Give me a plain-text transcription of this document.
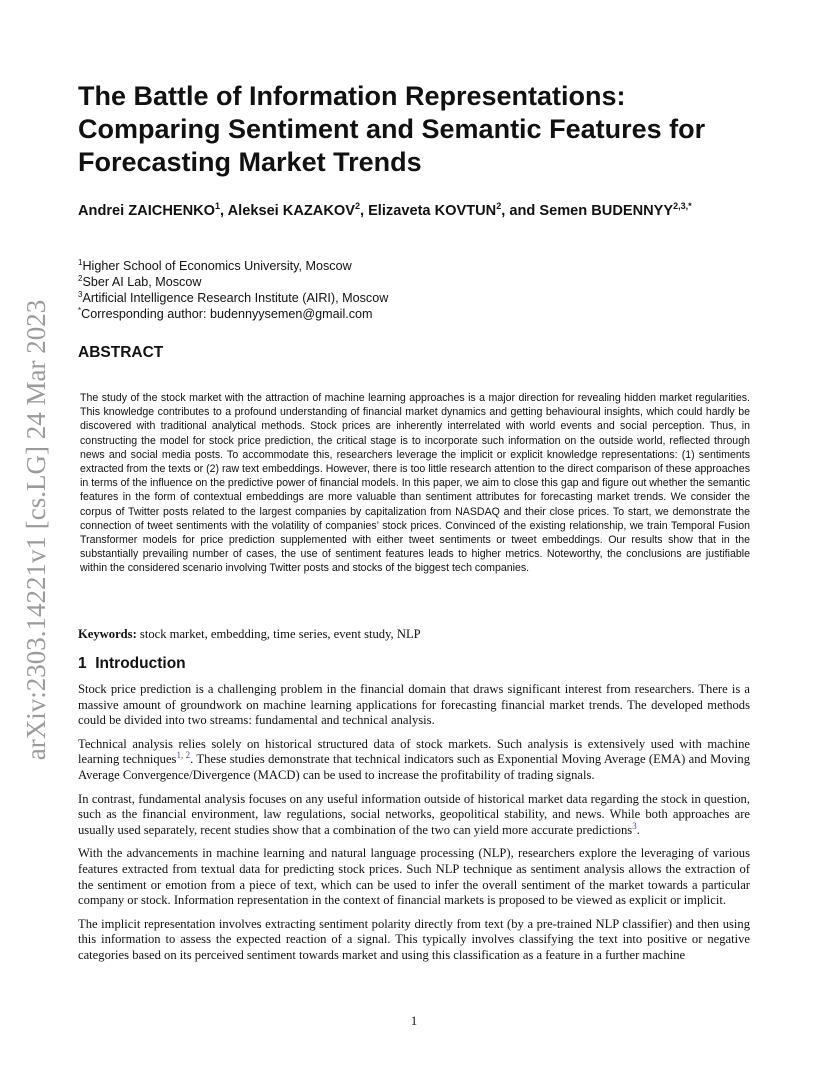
arXiv:2303.14221v1 [cs.LG] 24 Mar 2023
The Battle of Information Representations: Comparing Sentiment and Semantic Features for Forecasting Market Trends
Andrei ZAICHENKO$^1$, Aleksei KAZAKOV$^2$, Elizaveta KOVTUN$^2$, and Semen $BUDENNYY^{2,3,*}$
$^1$Higher School of Economics University, Moscow
$^2$Sber AI Lab, Moscow
$^3$Artificial Intelligence Research Institute (AIRI), Moscow
*Corresponding author: budennyysemen@gmail.com
ABSTRACT

The study of the stock market with the attraction of machine learning approaches is a major direction for revealing hidden market regularities. This knowledge contributes to a profound understanding of financial market dynamics and getting behavioural insights, which could hardly be discovered with traditional analytical methods. Stock prices are inherently interrelated with world events and social perception. Thus, in constructing the model for stock price prediction, the critical stage is to incorporate such information on the outside world, reflected through news and social media posts. To accommodate this, researchers leverage the implicit or explicit knowledge representations: (1) sentiments extracted from the texts or (2) raw text embeddings. However, there is too little research attention to the direct comparison of these approaches in terms of the influence on the predictive power of financial models. In this paper, we aim to close this gap and figure out whether the semantic features in the form of contextual embeddings are more valuable than sentiment attributes for forecasting market trends. We consider the corpus of Twitter posts related to the largest companies by capitalization from NASDAQ and their close prices. To start, we demonstrate the connection of tweet sentiments with the volatility of companies’ stock prices. Convinced of the existing relationship, we train Temporal Fusion Transformer models for price prediction supplemented with either tweet sentiments or tweet embeddings. Our results show that in the substantially prevailing number of cases, the use of sentiment features leads to higher metrics. Noteworthy, the conclusions are justifiable within the considered scenario involving Twitter posts and stocks of the biggest tech companies.

Keywords: stock market, embedding, time series, event study, NLP
1 Introduction

Stock price prediction is a challenging problem in the financial domain that draws significant interest from researchers. There is a massive amount of groundwork on machine learning applications for forecasting financial market trends. The developed methods could be divided into two streams: fundamental and technical analysis.

Technical analysis relies solely on historical structured data of stock markets. Such analysis is extensively used with machine learning techniques$^{1, 2}$. These studies demonstrate that technical indicators such as Exponential Moving Average (EMA) and Moving Average Convergence/Divergence (MACD) can be used to increase the profitability of trading signals.

In contrast, fundamental analysis focuses on any useful information outside of historical market data regarding the stock in question, such as the financial environment, law regulations, social networks, geopolitical stability, and news. While both approaches are usually used separately, recent studies show that a combination of the two can yield more accurate predictions$^3$.

With the advancements in machine learning and natural language processing (NLP), researchers explore the leveraging of various features extracted from textual data for predicting stock prices. Such NLP technique as sentiment analysis allows the extraction of the sentiment or emotion from a piece of text, which can be used to infer the overall sentiment of the market towards a particular company or stock. Information representation in the context of financial markets is proposed to be viewed as explicit or implicit.

The implicit representation involves extracting sentiment polarity directly from text (by a pre-trained NLP classifier) and then using this information to assess the expected reaction of a signal. This typically involves classifying the text into positive or negative categories based on its perceived sentiment towards market and using this classification as a feature in a further machine

1
